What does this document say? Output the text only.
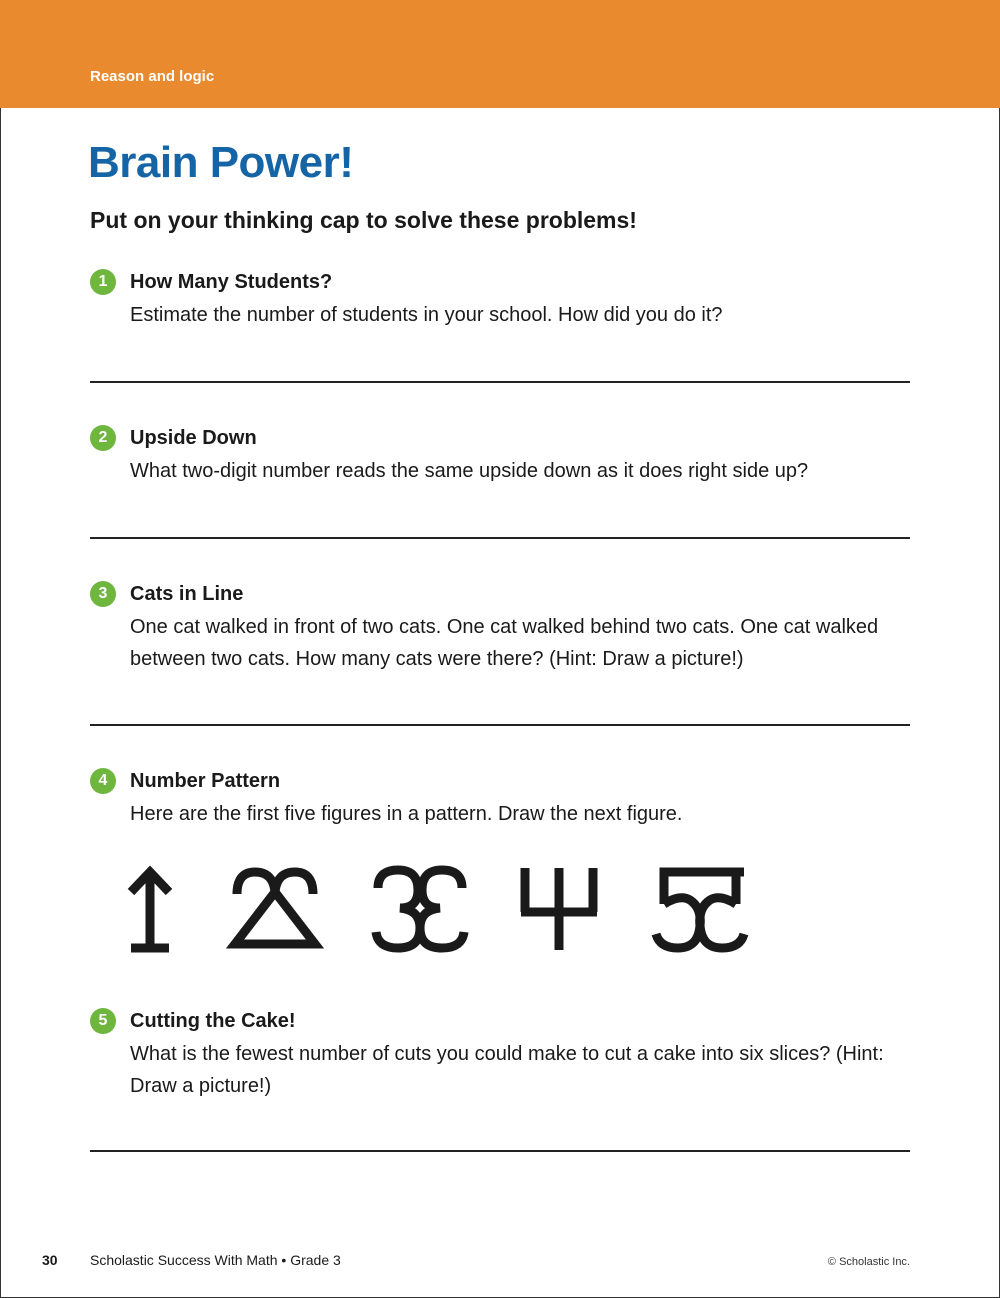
Reason and logic
Brain Power!
Put on your thinking cap to solve these problems!
1	How Many Students?
Estimate the number of students in your school. How did you do it?
2	Upside Down
What two-digit number reads the same upside down as it does right side up?
3	Cats in Line
One cat walked in front of two cats. One cat walked behind two cats. One cat walked between two cats. How many cats were there? (Hint: Draw a picture!)
4	Number Pattern
Here are the first five figures in a pattern. Draw the next figure.
5	Cutting the Cake!
What is the fewest number of cuts you could make to cut a cake into six slices? (Hint: Draw a picture!)
30 Scholastic Success With Math • Grade 3	© Scholastic Inc.
